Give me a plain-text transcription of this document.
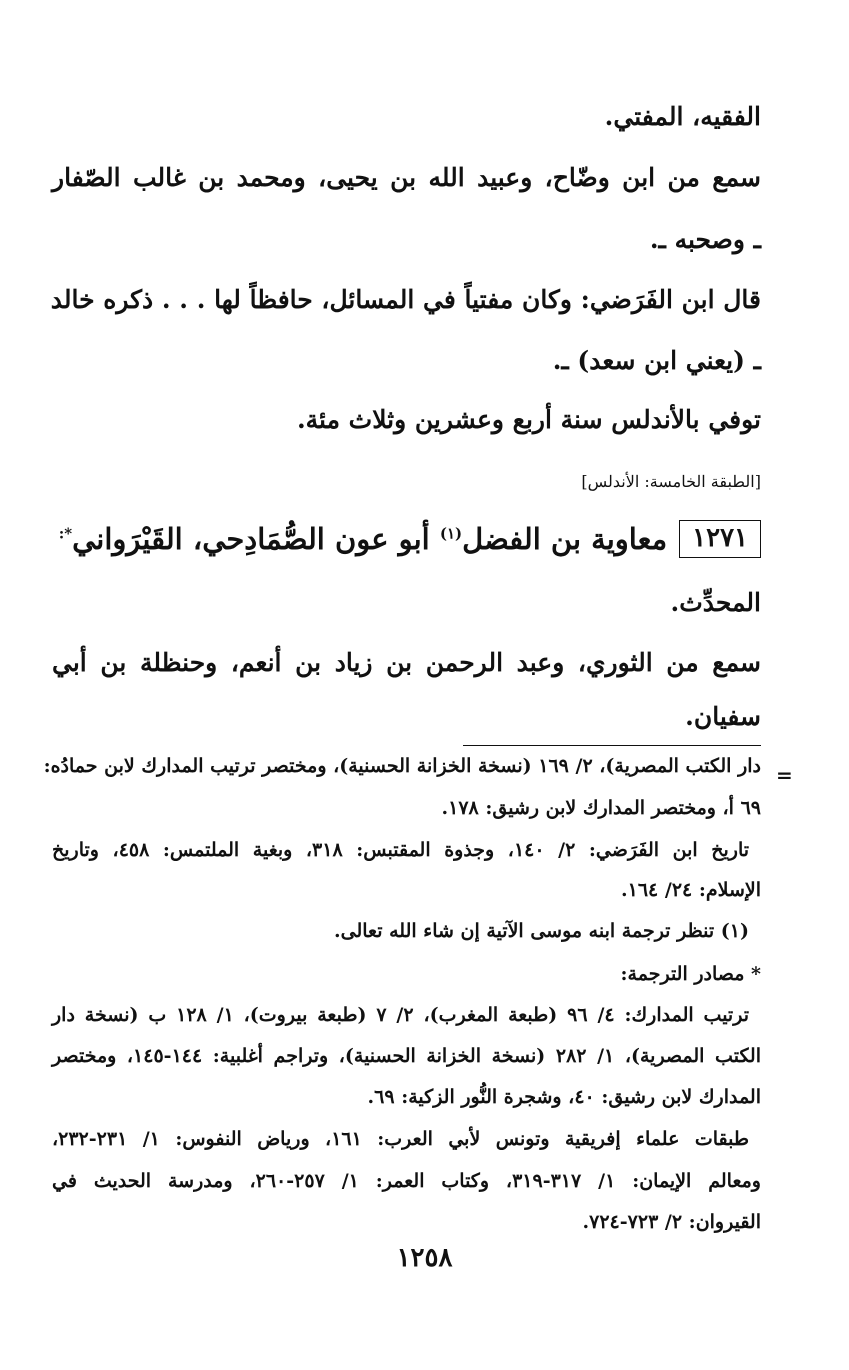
الفقيه، المفتي.
سمع من ابن وضّاح، وعبيد الله بن يحيى، ومحمد بن غالب الصّفار
ـ وصحبه ـ.
قال ابن الفَرَضي: وكان مفتياً في المسائل، حافظاً لها . . . ذكره خالد
ـ (يعني ابن سعد) ـ.
توفي بالأندلس سنة أربع وعشرين وثلاث مئة.
[الطبقة الخامسة: الأندلس]
١٢٧١
معاوية بن الفضل$^{(١)}$ أبو عون الصُّمَادِحي، القَيْرَواني*:
المحدِّث.
سمع من الثوري، وعبد الرحمن بن زياد بن أنعم، وحنظلة بن أبي
سفيان.
=
دار الكتب المصرية)، ٢/ ١٦٩ (نسخة الخزانة الحسنية)، ومختصر ترتيب المدارك لابن حمادُه:
٦٩ أ، ومختصر المدارك لابن رشيق: ١٧٨.
تاريخ ابن الفَرَضي: ٢/ ١٤٠، وجذوة المقتبس: ٣١٨، وبغية الملتمس: ٤٥٨، وتاريخ
الإسلام: ٢٤/ ١٦٤.
(١) تنظر ترجمة ابنه موسى الآتية إن شاء الله تعالى.
* مصادر الترجمة:
ترتيب المدارك: ٤/ ٩٦ (طبعة المغرب)، ٢/ ٧ (طبعة بيروت)، ١/ ١٢٨ ب (نسخة دار
الكتب المصرية)، ١/ ٢٨٢ (نسخة الخزانة الحسنية)، وتراجم أغلبية: ١٤٤-١٤٥، ومختصر
المدارك لابن رشيق: ٤٠، وشجرة النُّور الزكية: ٦٩.
طبقات علماء إفريقية وتونس لأبي العرب: ١٦١، ورياض النفوس: ١/ ٢٣١-٢٣٢،
ومعالم الإيمان: ١/ ٣١٧-٣١٩، وكتاب العمر: ١/ ٢٥٧-٢٦٠، ومدرسة الحديث في
القيروان: ٢/ ٧٢٣-٧٢٤.
١٢٥٨
